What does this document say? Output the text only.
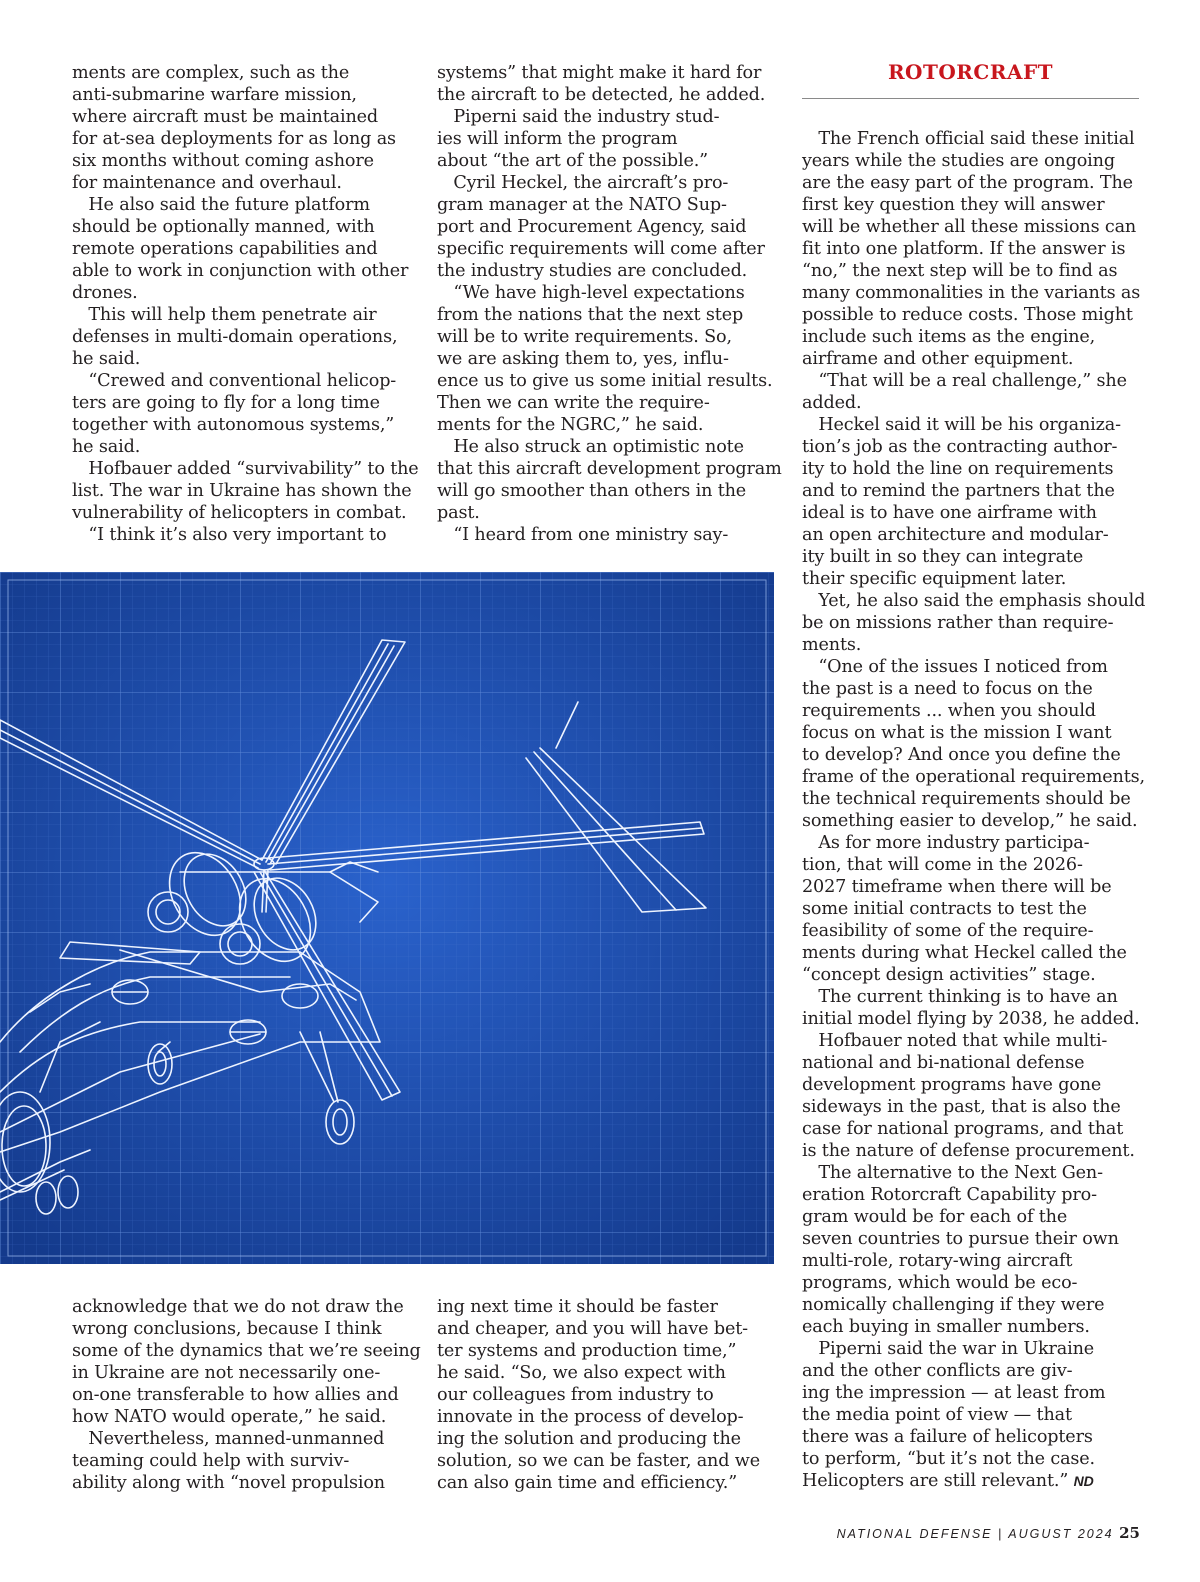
ROTORCRAFT

ments are complex, such as the

anti-submarine warfare mission,

where aircraft must be maintained

for at-sea deployments for as long as

six months without coming ashore

for maintenance and overhaul.

He also said the future platform

should be optionally manned, with

remote operations capabilities and

able to work in conjunction with other

drones.

This will help them penetrate air

defenses in multi-domain operations,

he said.

“Crewed and conventional helicop-

ters are going to fly for a long time

together with autonomous systems,”

he said.

Hofbauer added “survivability” to the

list. The war in Ukraine has shown the

vulnerability of helicopters in combat.

“I think it’s also very important to

systems” that might make it hard for

the aircraft to be detected, he added.

Piperni said the industry stud-

ies will inform the program

about “the art of the possible.”

Cyril Heckel, the aircraft’s pro-

gram manager at the NATO Sup-

port and Procurement Agency, said

specific requirements will come after

the industry studies are concluded.

“We have high-level expectations

from the nations that the next step

will be to write requirements. So,

we are asking them to, yes, influ-

ence us to give us some initial results.

Then we can write the require-

ments for the NGRC,” he said.

He also struck an optimistic note

that this aircraft development program

will go smoother than others in the

past.

“I heard from one ministry say-

The French official said these initial

years while the studies are ongoing

are the easy part of the program. The

first key question they will answer

will be whether all these missions can

fit into one platform. If the answer is

“no,” the next step will be to find as

many commonalities in the variants as

possible to reduce costs. Those might

include such items as the engine,

airframe and other equipment.

“That will be a real challenge,” she

added.

Heckel said it will be his organiza-

tion’s job as the contracting author-

ity to hold the line on requirements

and to remind the partners that the

ideal is to have one airframe with

an open architecture and modular-

ity built in so they can integrate

their specific equipment later.

Yet, he also said the emphasis should

be on missions rather than require-

ments.

“One of the issues I noticed from

the past is a need to focus on the

requirements ... when you should

focus on what is the mission I want

to develop? And once you define the

frame of the operational requirements,

the technical requirements should be

something easier to develop,” he said.

As for more industry participa-

tion, that will come in the 2026-

2027 timeframe when there will be

some initial contracts to test the

feasibility of some of the require-

ments during what Heckel called the

“concept design activities” stage.

The current thinking is to have an

initial model flying by 2038, he added.

Hofbauer noted that while multi-

national and bi-national defense

development programs have gone

sideways in the past, that is also the

case for national programs, and that

is the nature of defense procurement.

The alternative to the Next Gen-

eration Rotorcraft Capability pro-

gram would be for each of the

seven countries to pursue their own

multi-role, rotary-wing aircraft

programs, which would be eco-

nomically challenging if they were

each buying in smaller numbers.

Piperni said the war in Ukraine

and the other conflicts are giv-

ing the impression — at least from

the media point of view — that

there was a failure of helicopters

to perform, “but it’s not the case.

Helicopters are still relevant.” ND

acknowledge that we do not draw the

wrong conclusions, because I think

some of the dynamics that we’re seeing

in Ukraine are not necessarily one-

on-one transferable to how allies and

how NATO would operate,” he said.

Nevertheless, manned-unmanned

teaming could help with surviv-

ability along with “novel propulsion

ing next time it should be faster

and cheaper, and you will have bet-

ter systems and production time,”

he said. “So, we also expect with

our colleagues from industry to

innovate in the process of develop-

ing the solution and producing the

solution, so we can be faster, and we

can also gain time and efficiency.”

NATIONAL DEFENSE | AUGUST 2024 25
